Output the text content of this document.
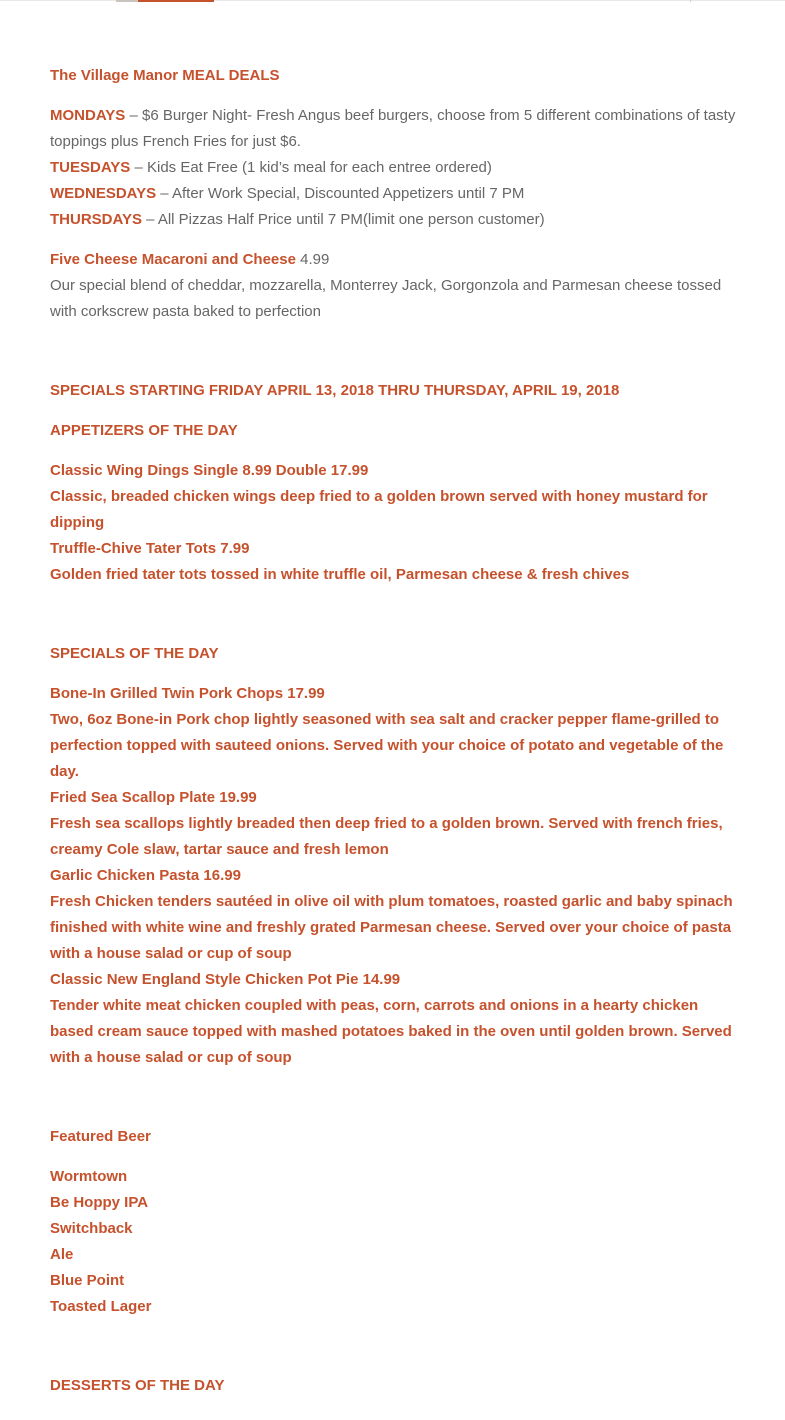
The Village Manor MEAL DEALS

MONDAYS – $6 Burger Night- Fresh Angus beef burgers, choose from 5 different combinations of tasty toppings plus French Fries for just $6.

TUESDAYS – Kids Eat Free (1 kid’s meal for each entree ordered)

WEDNESDAYS – After Work Special, Discounted Appetizers until 7 PM

THURSDAYS – All Pizzas Half Price until 7 PM(limit one person customer)

Five Cheese Macaroni and Cheese 4.99

Our special blend of cheddar, mozzarella, Monterrey Jack, Gorgonzola and Parmesan cheese tossed with corkscrew pasta baked to perfection

SPECIALS STARTING FRIDAY APRIL 13, 2018 THRU THURSDAY, APRIL 19, 2018

APPETIZERS OF THE DAY

Classic Wing Dings Single 8.99 Double 17.99

Classic, breaded chicken wings deep fried to a golden brown served with honey mustard for dipping

Truffle-Chive Tater Tots 7.99

Golden fried tater tots tossed in white truffle oil, Parmesan cheese & fresh chives

SPECIALS OF THE DAY

Bone-In Grilled Twin Pork Chops 17.99

Two, 6oz Bone-in Pork chop lightly seasoned with sea salt and cracker pepper flame-grilled to perfection topped with sauteed onions. Served with your choice of potato and vegetable of the day.

Fried Sea Scallop Plate 19.99

Fresh sea scallops lightly breaded then deep fried to a golden brown. Served with french fries, creamy Cole slaw, tartar sauce and fresh lemon

Garlic Chicken Pasta 16.99

Fresh Chicken tenders sautéed in olive oil with plum tomatoes, roasted garlic and baby spinach finished with white wine and freshly grated Parmesan cheese. Served over your choice of pasta with a house salad or cup of soup

Classic New England Style Chicken Pot Pie 14.99

Tender white meat chicken coupled with peas, corn, carrots and onions in a hearty chicken based cream sauce topped with mashed potatoes baked in the oven until golden brown. Served with a house salad or cup of soup

Featured Beer

Wormtown

Be Hoppy IPA

Switchback

Ale

Blue Point

Toasted Lager

DESSERTS OF THE DAY
